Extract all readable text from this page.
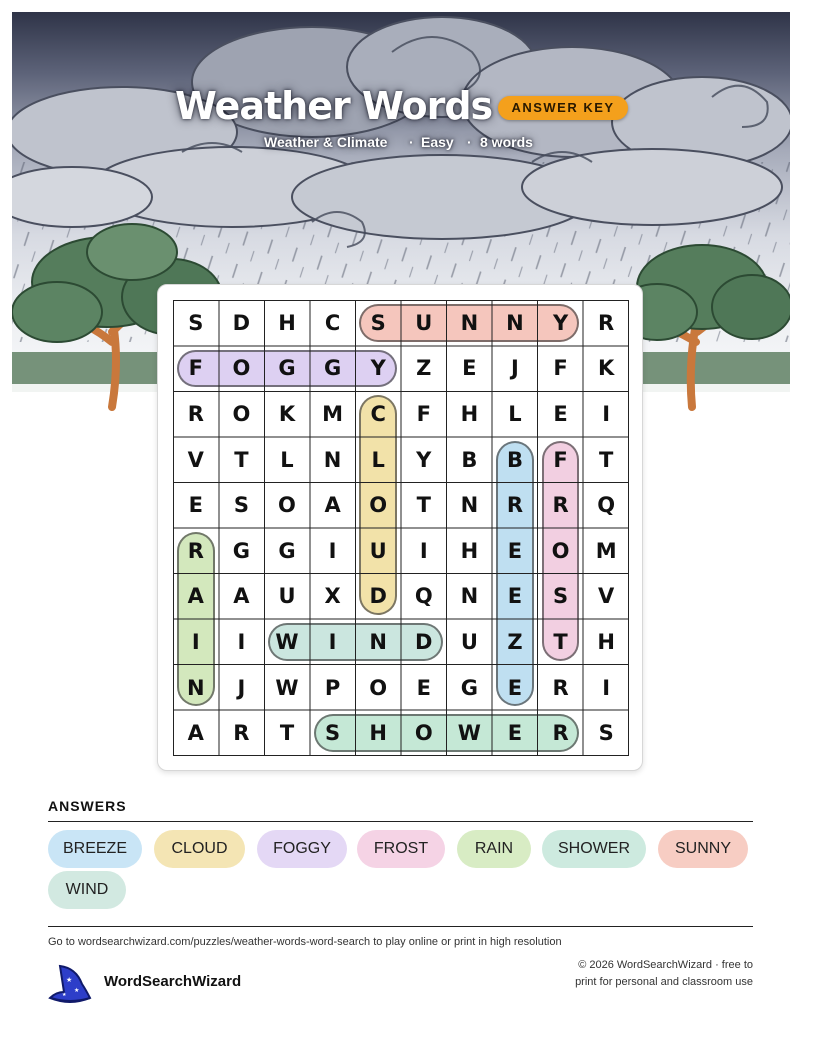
Weather Words	ANSWER KEY
Weather & Climate · Easy · 8 words
S	D	H	C	S	U	N	N	Y	R
F	O	G	G	Y	Z	E	J	F	K
R	O	K	M	C	F	H	L	E	I
V	T	L	N	L	Y	B	B	F	T
E	S	O	A	O	T	N	R	R	Q
R	G	G	I	U	I	H	E	O	M
A	A	U	X	D	Q	N	E	S	V
I	I	W	I	N	D	U	Z	T	H
N	J	W	P	O	E	G	E	R	I
A	R	T	S	H	O	W	E	R	S
ANSWERS
BREEZE	CLOUD	FOGGY	FROST	RAIN	SHOWER	SUNNY
WIND
Go to wordsearchwizard.com/puzzles/weather-words-word-search to play online or print in high resolution
★
★
★
WordSearchWizard
© 2026 WordSearchWizard · free to print for personal and classroom use
